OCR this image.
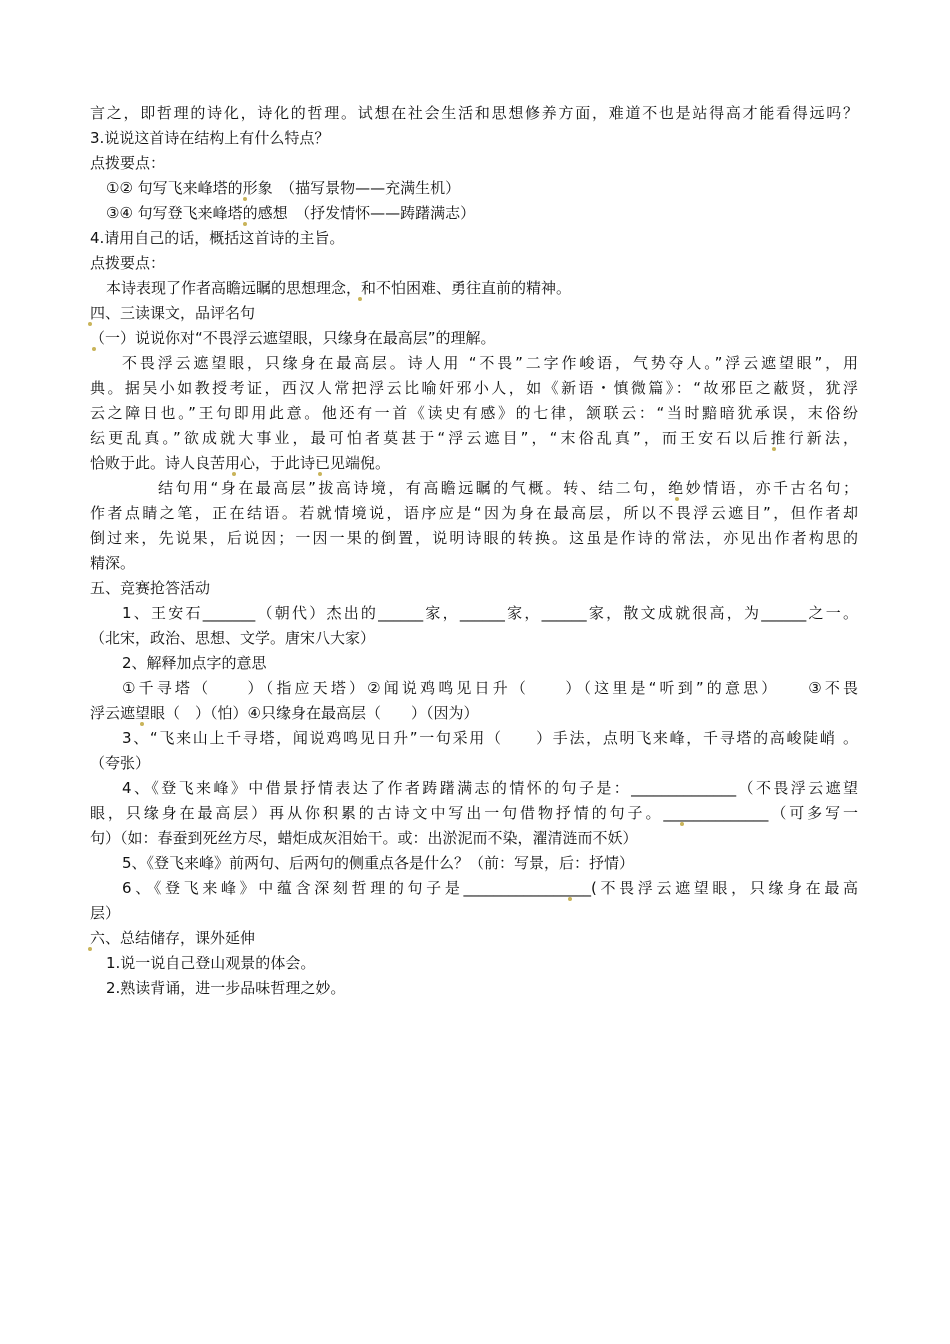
言之，即哲理的诗化，诗化的哲理。试想在社会生活和思想修养方面，难道不也是站得高才能看得远吗？
3.说说这首诗在结构上有什么特点？
点拨要点：
①② 句写飞来峰塔的形象　（描写景物——充满生机）
③④ 句写登飞来峰塔的感想　（抒发情怀——踌躇满志）
4.请用自己的话，概括这首诗的主旨。
点拨要点：
本诗表现了作者高瞻远瞩的思想理念，和不怕困难、勇往直前的精神。
四、三读课文，品评名句
（一）说说你对“不畏浮云遮望眼，只缘身在最高层”的理解。
不畏浮云遮望眼，只缘身在最高层。诗人用 “不畏”二字作峻语，气势夺人。”浮云遮望眼”，用
典。据吴小如教授考证，西汉人常把浮云比喻奸邪小人，如《新语・慎微篇》：“故邪臣之蔽贤，犹浮
云之障日也。”王句即用此意。他还有一首《读史有感》的七律，颔联云：“当时黯暗犹承误，末俗纷
纭更乱真。”欲成就大事业，最可怕者莫甚于“浮云遮目”，“末俗乱真”，而王安石以后推行新法，
恰败于此。诗人良苦用心，于此诗已见端倪。
结句用“身在最高层”拔高诗境，有高瞻远瞩的气概。转、结二句，绝妙情语，亦千古名句；
作者点睛之笔，正在结语。若就情境说，语序应是“因为身在最高层，所以不畏浮云遮目”，但作者却
倒过来，先说果，后说因；一因一果的倒置，说明诗眼的转换。这虽是作诗的常法，亦见出作者构思的
精深。
五、竞赛抢答活动
1、王安石_______（朝代）杰出的______家，______家，______家，散文成就很高，为______之一。
（北宋，政治、思想、文学。唐宋八大家）
2、解释加点字的意思
①千寻塔（　　）（指应天塔）②闻说鸡鸣见日升（　　）（这里是“听到”的意思）　　③不畏
浮云遮望眼（　）（怕）④只缘身在最高层（　　）（因为）
3、“飞来山上千寻塔，闻说鸡鸣见日升”一句采用（　　）手法，点明飞来峰，千寻塔的高峻陡峭 。
（夸张）
4、《登飞来峰》中借景抒情表达了作者踌躇满志的情怀的句子是：______________（不畏浮云遮望
眼，只缘身在最高层）再从你积累的古诗文中写出一句借物抒情的句子。______________（可多写一
句）（如：春蚕到死丝方尽，蜡炬成灰泪始干。或：出淤泥而不染，濯清涟而不妖）
5、《登飞来峰》前两句、后两句的侧重点各是什么？（前：写景，后：抒情）
6、《登飞来峰》中蕴含深刻哲理的句子是_________________(不畏浮云遮望眼，只缘身在最高
层）
六、总结储存，课外延伸
1.说一说自己登山观景的体会。
2.熟读背诵，进一步品味哲理之妙。
